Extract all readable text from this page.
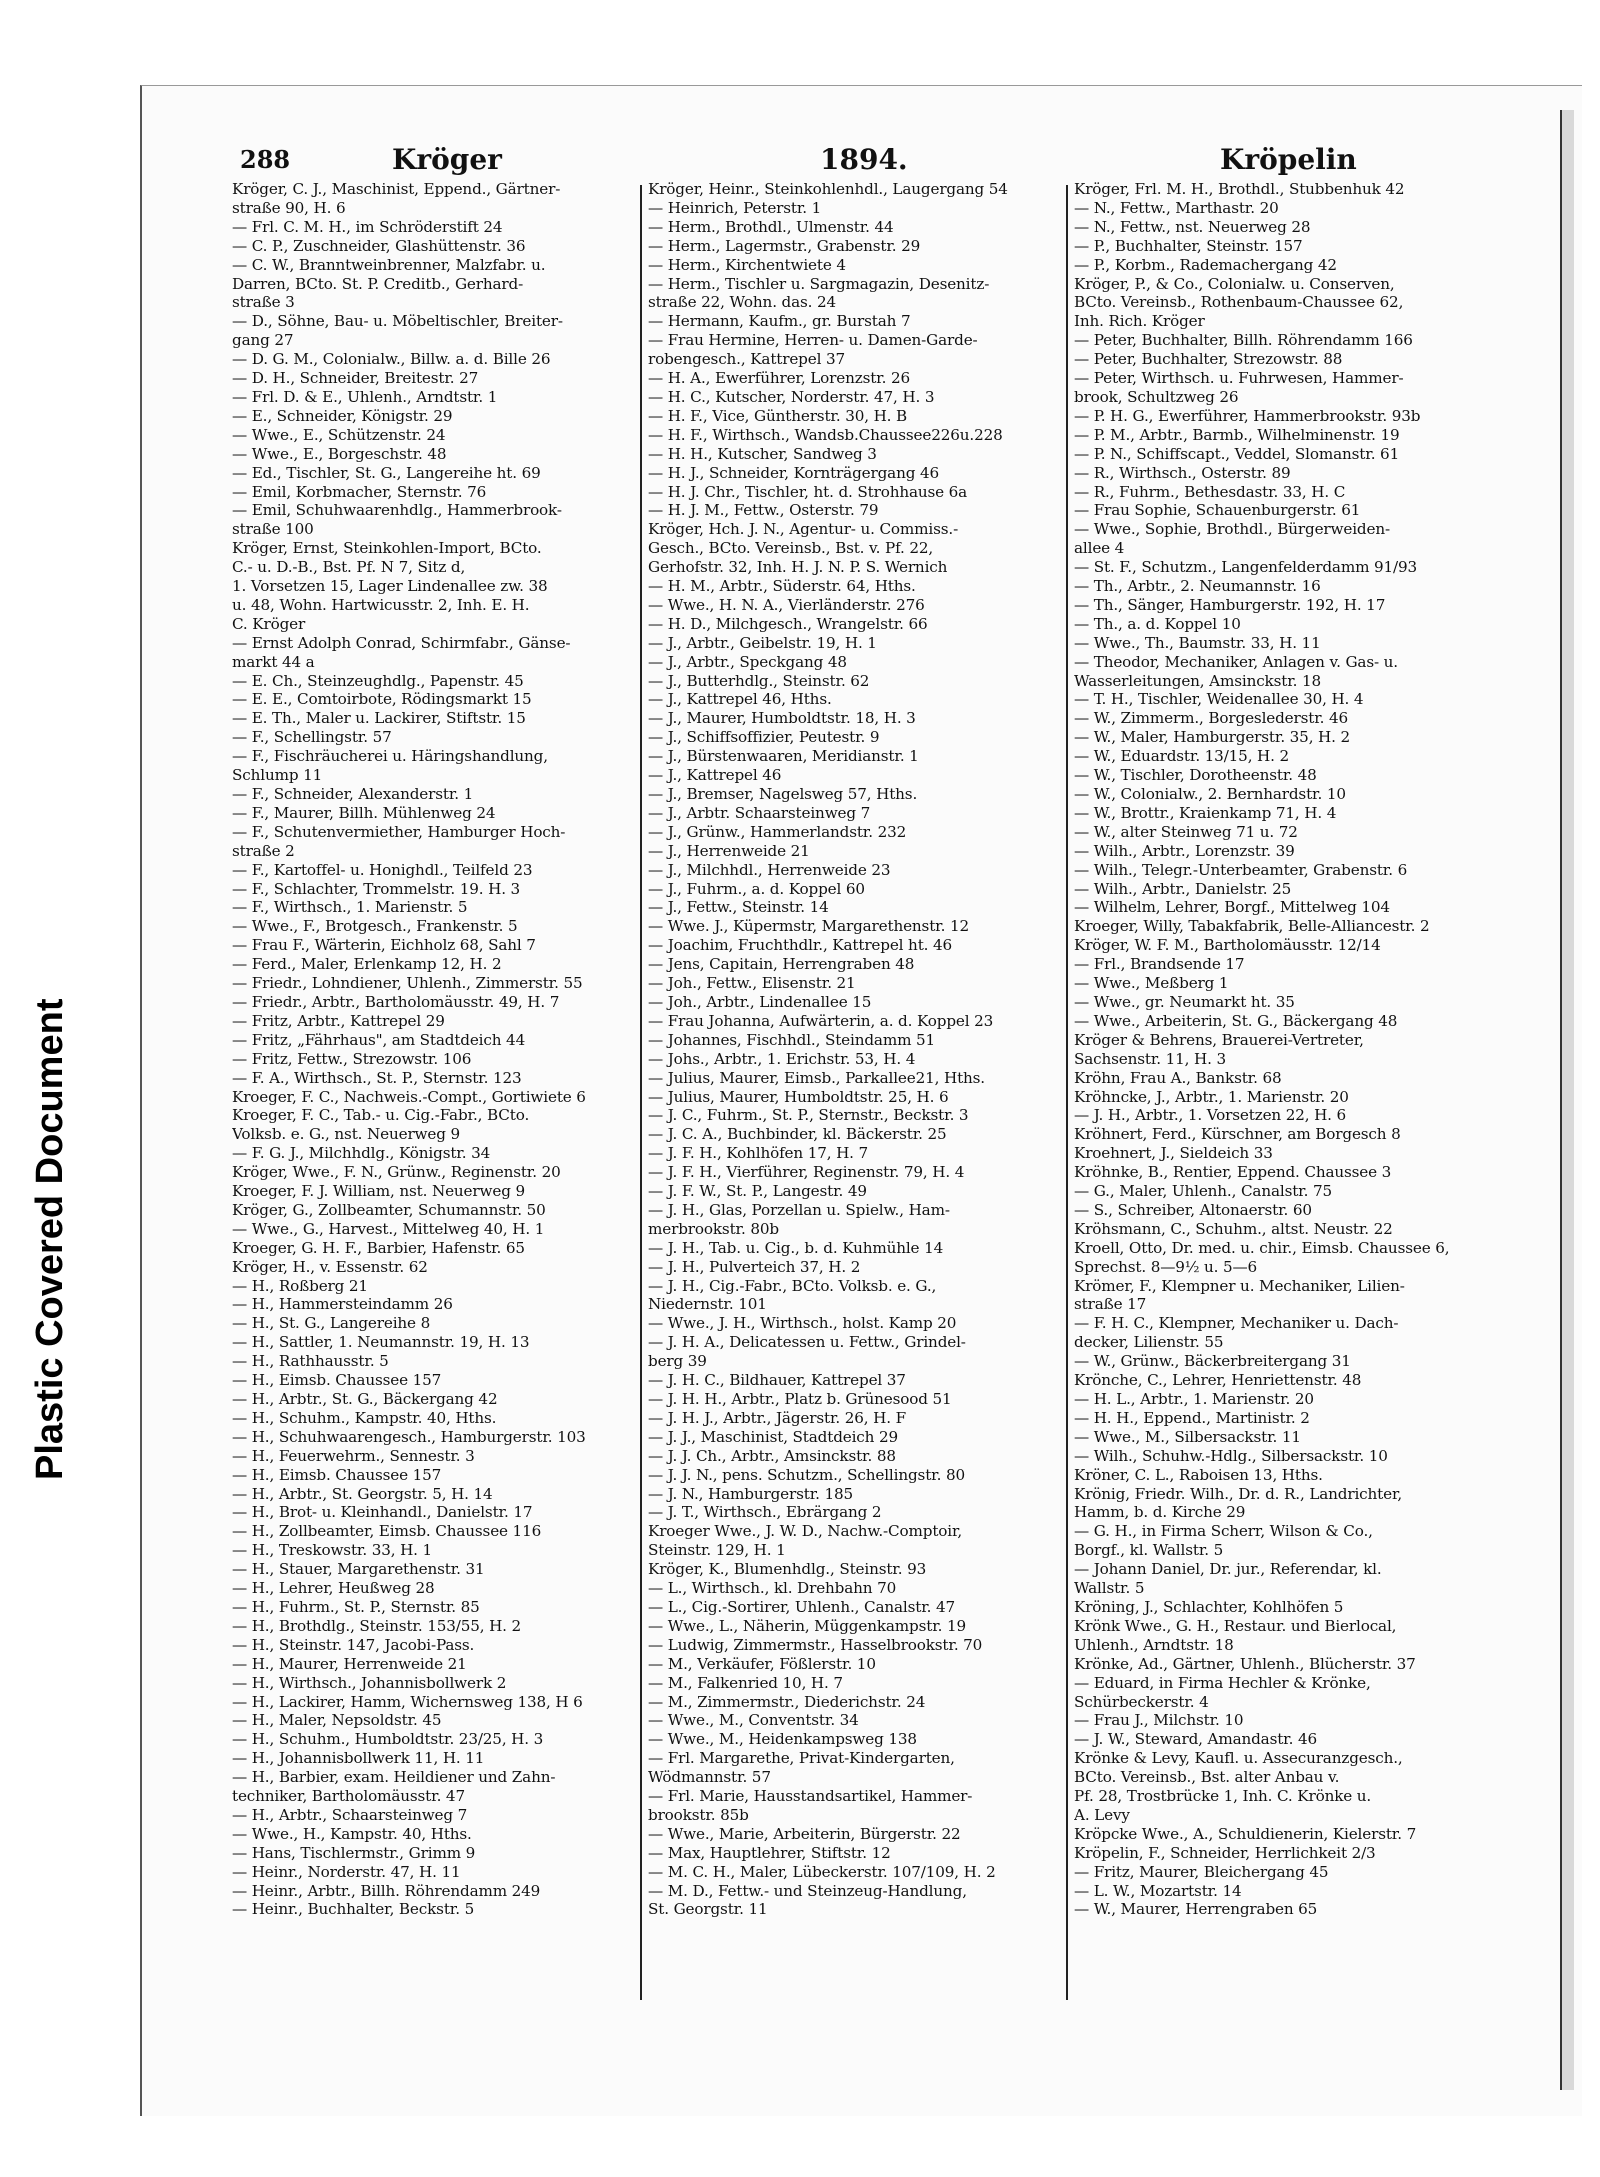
Plastic Covered Document
288	Kröger	1894.	Kröpelin
Kröger, C. J., Maschinist, Eppend., Gärtner-
straße 90, H. 6
— Frl. C. M. H., im Schröderstift 24
— C. P., Zuschneider, Glashüttenstr. 36
— C. W., Branntweinbrenner, Malzfabr. u.
Darren, BCto. St. P. Creditb., Gerhard-
straße 3
— D., Söhne, Bau- u. Möbeltischler, Breiter-
gang 27
— D. G. M., Colonialw., Billw. a. d. Bille 26
— D. H., Schneider, Breitestr. 27
— Frl. D. & E., Uhlenh., Arndtstr. 1
— E., Schneider, Königstr. 29
— Wwe., E., Schützenstr. 24
— Wwe., E., Borgeschstr. 48
— Ed., Tischler, St. G., Langereihe ht. 69
— Emil, Korbmacher, Sternstr. 76
— Emil, Schuhwaarenhdlg., Hammerbrook-
straße 100
Kröger, Ernst, Steinkohlen-Import, BCto.
C.- u. D.-B., Bst. Pf. N 7, Sitz d,
1. Vorsetzen 15, Lager Lindenallee zw. 38
u. 48, Wohn. Hartwicusstr. 2, Inh. E. H.
C. Kröger
— Ernst Adolph Conrad, Schirmfabr., Gänse-
markt 44 a
— E. Ch., Steinzeughdlg., Papenstr. 45
— E. E., Comtoirbote, Rödingsmarkt 15
— E. Th., Maler u. Lackirer, Stiftstr. 15
— F., Schellingstr. 57
— F., Fischräucherei u. Häringshandlung,
Schlump 11
— F., Schneider, Alexanderstr. 1
— F., Maurer, Billh. Mühlenweg 24
— F., Schutenvermiether, Hamburger Hoch-
straße 2
— F., Kartoffel- u. Honighdl., Teilfeld 23
— F., Schlachter, Trommelstr. 19. H. 3
— F., Wirthsch., 1. Marienstr. 5
— Wwe., F., Brotgesch., Frankenstr. 5
— Frau F., Wärterin, Eichholz 68, Sahl 7
— Ferd., Maler, Erlenkamp 12, H. 2
— Friedr., Lohndiener, Uhlenh., Zimmerstr. 55
— Friedr., Arbtr., Bartholomäusstr. 49, H. 7
— Fritz, Arbtr., Kattrepel 29
— Fritz, „Fährhaus", am Stadtdeich 44
— Fritz, Fettw., Strezowstr. 106
— F. A., Wirthsch., St. P., Sternstr. 123
Kroeger, F. C., Nachweis.-Compt., Gortiwiete 6
Kroeger, F. C., Tab.- u. Cig.-Fabr., BCto.
Volksb. e. G., nst. Neuerweg 9
— F. G. J., Milchhdlg., Königstr. 34
Kröger, Wwe., F. N., Grünw., Reginenstr. 20
Kroeger, F. J. William, nst. Neuerweg 9
Kröger, G., Zollbeamter, Schumannstr. 50
— Wwe., G., Harvest., Mittelweg 40, H. 1
Kroeger, G. H. F., Barbier, Hafenstr. 65
Kröger, H., v. Essenstr. 62
— H., Roßberg 21
— H., Hammersteindamm 26
— H., St. G., Langereihe 8
— H., Sattler, 1. Neumannstr. 19, H. 13
— H., Rathhausstr. 5
— H., Eimsb. Chaussee 157
— H., Arbtr., St. G., Bäckergang 42
— H., Schuhm., Kampstr. 40, Hths.
— H., Schuhwaarengesch., Hamburgerstr. 103
— H., Feuerwehrm., Sennestr. 3
— H., Eimsb. Chaussee 157
— H., Arbtr., St. Georgstr. 5, H. 14
— H., Brot- u. Kleinhandl., Danielstr. 17
— H., Zollbeamter, Eimsb. Chaussee 116
— H., Treskowstr. 33, H. 1
— H., Stauer, Margarethenstr. 31
— H., Lehrer, Heußweg 28
— H., Fuhrm., St. P., Sternstr. 85
— H., Brothdlg., Steinstr. 153/55, H. 2
— H., Steinstr. 147, Jacobi-Pass.
— H., Maurer, Herrenweide 21
— H., Wirthsch., Johannisbollwerk 2
— H., Lackirer, Hamm, Wichernsweg 138, H 6
— H., Maler, Nepsoldstr. 45
— H., Schuhm., Humboldtstr. 23/25, H. 3
— H., Johannisbollwerk 11, H. 11
— H., Barbier, exam. Heildiener und Zahn-
techniker, Bartholomäusstr. 47
— H., Arbtr., Schaarsteinweg 7
— Wwe., H., Kampstr. 40, Hths.
— Hans, Tischlermstr., Grimm 9
— Heinr., Norderstr. 47, H. 11
— Heinr., Arbtr., Billh. Röhrendamm 249
— Heinr., Buchhalter, Beckstr. 5
Kröger, Heinr., Steinkohlenhdl., Laugergang 54
— Heinrich, Peterstr. 1
— Herm., Brothdl., Ulmenstr. 44
— Herm., Lagermstr., Grabenstr. 29
— Herm., Kirchentwiete 4
— Herm., Tischler u. Sargmagazin, Desenitz-
straße 22, Wohn. das. 24
— Hermann, Kaufm., gr. Burstah 7
— Frau Hermine, Herren- u. Damen-Garde-
robengesch., Kattrepel 37
— H. A., Ewerführer, Lorenzstr. 26
— H. C., Kutscher, Norderstr. 47, H. 3
— H. F., Vice, Güntherstr. 30, H. B
— H. F., Wirthsch., Wandsb.Chaussee226u.228
— H. H., Kutscher, Sandweg 3
— H. J., Schneider, Kornträgergang 46
— H. J. Chr., Tischler, ht. d. Strohhause 6a
— H. J. M., Fettw., Osterstr. 79
Kröger, Hch. J. N., Agentur- u. Commiss.-
Gesch., BCto. Vereinsb., Bst. v. Pf. 22,
Gerhofstr. 32, Inh. H. J. N. P. S. Wernich
— H. M., Arbtr., Süderstr. 64, Hths.
— Wwe., H. N. A., Vierländerstr. 276
— H. D., Milchgesch., Wrangelstr. 66
— J., Arbtr., Geibelstr. 19, H. 1
— J., Arbtr., Speckgang 48
— J., Butterhdlg., Steinstr. 62
— J., Kattrepel 46, Hths.
— J., Maurer, Humboldtstr. 18, H. 3
— J., Schiffsoffizier, Peutestr. 9
— J., Bürstenwaaren, Meridianstr. 1
— J., Kattrepel 46
— J., Bremser, Nagelsweg 57, Hths.
— J., Arbtr. Schaarsteinweg 7
— J., Grünw., Hammerlandstr. 232
— J., Herrenweide 21
— J., Milchhdl., Herrenweide 23
— J., Fuhrm., a. d. Koppel 60
— J., Fettw., Steinstr. 14
— Wwe. J., Küpermstr, Margarethenstr. 12
— Joachim, Fruchthdlr., Kattrepel ht. 46
— Jens, Capitain, Herrengraben 48
— Joh., Fettw., Elisenstr. 21
— Joh., Arbtr., Lindenallee 15
— Frau Johanna, Aufwärterin, a. d. Koppel 23
— Johannes, Fischhdl., Steindamm 51
— Johs., Arbtr., 1. Erichstr. 53, H. 4
— Julius, Maurer, Eimsb., Parkallee21, Hths.
— Julius, Maurer, Humboldtstr. 25, H. 6
— J. C., Fuhrm., St. P., Sternstr., Beckstr. 3
— J. C. A., Buchbinder, kl. Bäckerstr. 25
— J. F. H., Kohlhöfen 17, H. 7
— J. F. H., Vierführer, Reginenstr. 79, H. 4
— J. F. W., St. P., Langestr. 49
— J. H., Glas, Porzellan u. Spielw., Ham-
merbrookstr. 80b
— J. H., Tab. u. Cig., b. d. Kuhmühle 14
— J. H., Pulverteich 37, H. 2
— J. H., Cig.-Fabr., BCto. Volksb. e. G.,
Niedernstr. 101
— Wwe., J. H., Wirthsch., holst. Kamp 20
— J. H. A., Delicatessen u. Fettw., Grindel-
berg 39
— J. H. C., Bildhauer, Kattrepel 37
— J. H. H., Arbtr., Platz b. Grünesood 51
— J. H. J., Arbtr., Jägerstr. 26, H. F
— J. J., Maschinist, Stadtdeich 29
— J. J. Ch., Arbtr., Amsinckstr. 88
— J. J. N., pens. Schutzm., Schellingstr. 80
— J. N., Hamburgerstr. 185
— J. T., Wirthsch., Ebrärgang 2
Kroeger Wwe., J. W. D., Nachw.-Comptoir,
Steinstr. 129, H. 1
Kröger, K., Blumenhdlg., Steinstr. 93
— L., Wirthsch., kl. Drehbahn 70
— L., Cig.-Sortirer, Uhlenh., Canalstr. 47
— Wwe., L., Näherin, Müggenkampstr. 19
— Ludwig, Zimmermstr., Hasselbrookstr. 70
— M., Verkäufer, Fößlerstr. 10
— M., Falkenried 10, H. 7
— M., Zimmermstr., Diederichstr. 24
— Wwe., M., Conventstr. 34
— Wwe., M., Heidenkampsweg 138
— Frl. Margarethe, Privat-Kindergarten,
Wödmannstr. 57
— Frl. Marie, Hausstandsartikel, Hammer-
brookstr. 85b
— Wwe., Marie, Arbeiterin, Bürgerstr. 22
— Max, Hauptlehrer, Stiftstr. 12
— M. C. H., Maler, Lübeckerstr. 107/109, H. 2
— M. D., Fettw.- und Steinzeug-Handlung,
St. Georgstr. 11
Kröger, Frl. M. H., Brothdl., Stubbenhuk 42
— N., Fettw., Marthastr. 20
— N., Fettw., nst. Neuerweg 28
— P., Buchhalter, Steinstr. 157
— P., Korbm., Rademachergang 42
Kröger, P., & Co., Colonialw. u. Conserven,
BCto. Vereinsb., Rothenbaum-Chaussee 62,
Inh. Rich. Kröger
— Peter, Buchhalter, Billh. Röhrendamm 166
— Peter, Buchhalter, Strezowstr. 88
— Peter, Wirthsch. u. Fuhrwesen, Hammer-
brook, Schultzweg 26
— P. H. G., Ewerführer, Hammerbrookstr. 93b
— P. M., Arbtr., Barmb., Wilhelminenstr. 19
— P. N., Schiffscapt., Veddel, Slomanstr. 61
— R., Wirthsch., Osterstr. 89
— R., Fuhrm., Bethesdastr. 33, H. C
— Frau Sophie, Schauenburgerstr. 61
— Wwe., Sophie, Brothdl., Bürgerweiden-
allee 4
— St. F., Schutzm., Langenfelderdamm 91/93
— Th., Arbtr., 2. Neumannstr. 16
— Th., Sänger, Hamburgerstr. 192, H. 17
— Th., a. d. Koppel 10
— Wwe., Th., Baumstr. 33, H. 11
— Theodor, Mechaniker, Anlagen v. Gas- u.
Wasserleitungen, Amsinckstr. 18
— T. H., Tischler, Weidenallee 30, H. 4
— W., Zimmerm., Borgeslederstr. 46
— W., Maler, Hamburgerstr. 35, H. 2
— W., Eduardstr. 13/15, H. 2
— W., Tischler, Dorotheenstr. 48
— W., Colonialw., 2. Bernhardstr. 10
— W., Brottr., Kraienkamp 71, H. 4
— W., alter Steinweg 71 u. 72
— Wilh., Arbtr., Lorenzstr. 39
— Wilh., Telegr.-Unterbeamter, Grabenstr. 6
— Wilh., Arbtr., Danielstr. 25
— Wilhelm, Lehrer, Borgf., Mittelweg 104
Kroeger, Willy, Tabakfabrik, Belle-Alliancestr. 2
Kröger, W. F. M., Bartholomäusstr. 12/14
— Frl., Brandsende 17
— Wwe., Meßberg 1
— Wwe., gr. Neumarkt ht. 35
— Wwe., Arbeiterin, St. G., Bäckergang 48
Kröger & Behrens, Brauerei-Vertreter,
Sachsenstr. 11, H. 3
Kröhn, Frau A., Bankstr. 68
Kröhncke, J., Arbtr., 1. Marienstr. 20
— J. H., Arbtr., 1. Vorsetzen 22, H. 6
Kröhnert, Ferd., Kürschner, am Borgesch 8
Kroehnert, J., Sieldeich 33
Kröhnke, B., Rentier, Eppend. Chaussee 3
— G., Maler, Uhlenh., Canalstr. 75
— S., Schreiber, Altonaerstr. 60
Kröhsmann, C., Schuhm., altst. Neustr. 22
Kroell, Otto, Dr. med. u. chir., Eimsb. Chaussee 6,
Sprechst. 8—9½ u. 5—6
Krömer, F., Klempner u. Mechaniker, Lilien-
straße 17
— F. H. C., Klempner, Mechaniker u. Dach-
decker, Lilienstr. 55
— W., Grünw., Bäckerbreitergang 31
Krönche, C., Lehrer, Henriettenstr. 48
— H. L., Arbtr., 1. Marienstr. 20
— H. H., Eppend., Martinistr. 2
— Wwe., M., Silbersackstr. 11
— Wilh., Schuhw.-Hdlg., Silbersackstr. 10
Kröner, C. L., Raboisen 13, Hths.
Krönig, Friedr. Wilh., Dr. d. R., Landrichter,
Hamm, b. d. Kirche 29
— G. H., in Firma Scherr, Wilson & Co.,
Borgf., kl. Wallstr. 5
— Johann Daniel, Dr. jur., Referendar, kl.
Wallstr. 5
Kröning, J., Schlachter, Kohlhöfen 5
Krönk Wwe., G. H., Restaur. und Bierlocal,
Uhlenh., Arndtstr. 18
Krönke, Ad., Gärtner, Uhlenh., Blücherstr. 37
— Eduard, in Firma Hechler & Krönke,
Schürbeckerstr. 4
— Frau J., Milchstr. 10
— J. W., Steward, Amandastr. 46
Krönke & Levy, Kaufl. u. Assecuranzgesch.,
BCto. Vereinsb., Bst. alter Anbau v.
Pf. 28, Trostbrücke 1, Inh. C. Krönke u.
A. Levy
Kröpcke Wwe., A., Schuldienerin, Kielerstr. 7
Kröpelin, F., Schneider, Herrlichkeit 2/3
— Fritz, Maurer, Bleichergang 45
— L. W., Mozartstr. 14
— W., Maurer, Herrengraben 65
